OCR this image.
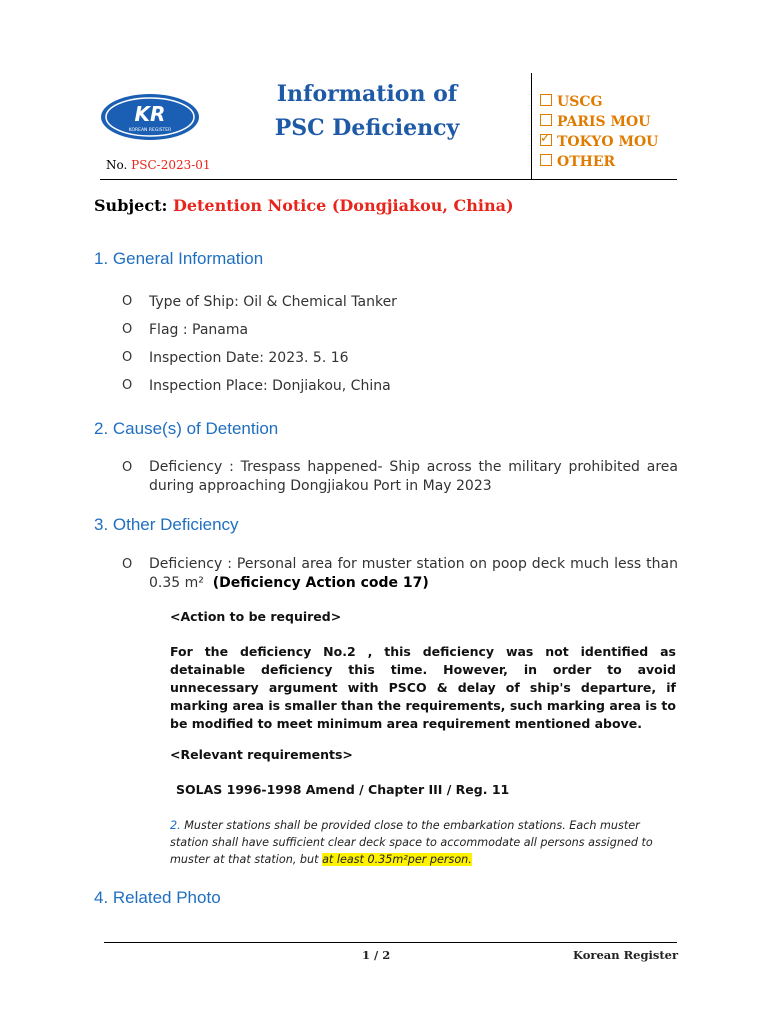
KR
KOREAN REGISTER
Information of
PSC Deficiency
No. PSC-2023-01
USCG
PARIS MOU
✓TOKYO MOU
OTHER
Subject: Detention Notice (Dongjiakou, China)
1. General Information
O Type of Ship: Oil & Chemical Tanker
O Flag : Panama
O Inspection Date: 2023. 5. 16
O Inspection Place: Donjiakou, China
2. Cause(s) of Detention
O Deficiency : Trespass happened- Ship across the military prohibited area during approaching Dongjiakou Port in May 2023
3. Other Deficiency
O Deficiency : Personal area for muster station on poop deck much less than 0.35 m² (Deficiency Action code 17)
<Action to be required>
For the deficiency No.2 , this deficiency was not identified as detainable deficiency this time. However, in order to avoid unnecessary argument with PSCO & delay of ship's departure, if marking area is smaller than the requirements, such marking area is to be modified to meet minimum area requirement mentioned above.
<Relevant requirements>
SOLAS 1996-1998 Amend / Chapter III / Reg. 11
2. Muster stations shall be provided close to the embarkation stations. Each muster station shall have sufficient clear deck space to accommodate all persons assigned to muster at that station, but at least 0.35m²per person.
4. Related Photo
1 / 2	Korean Register
